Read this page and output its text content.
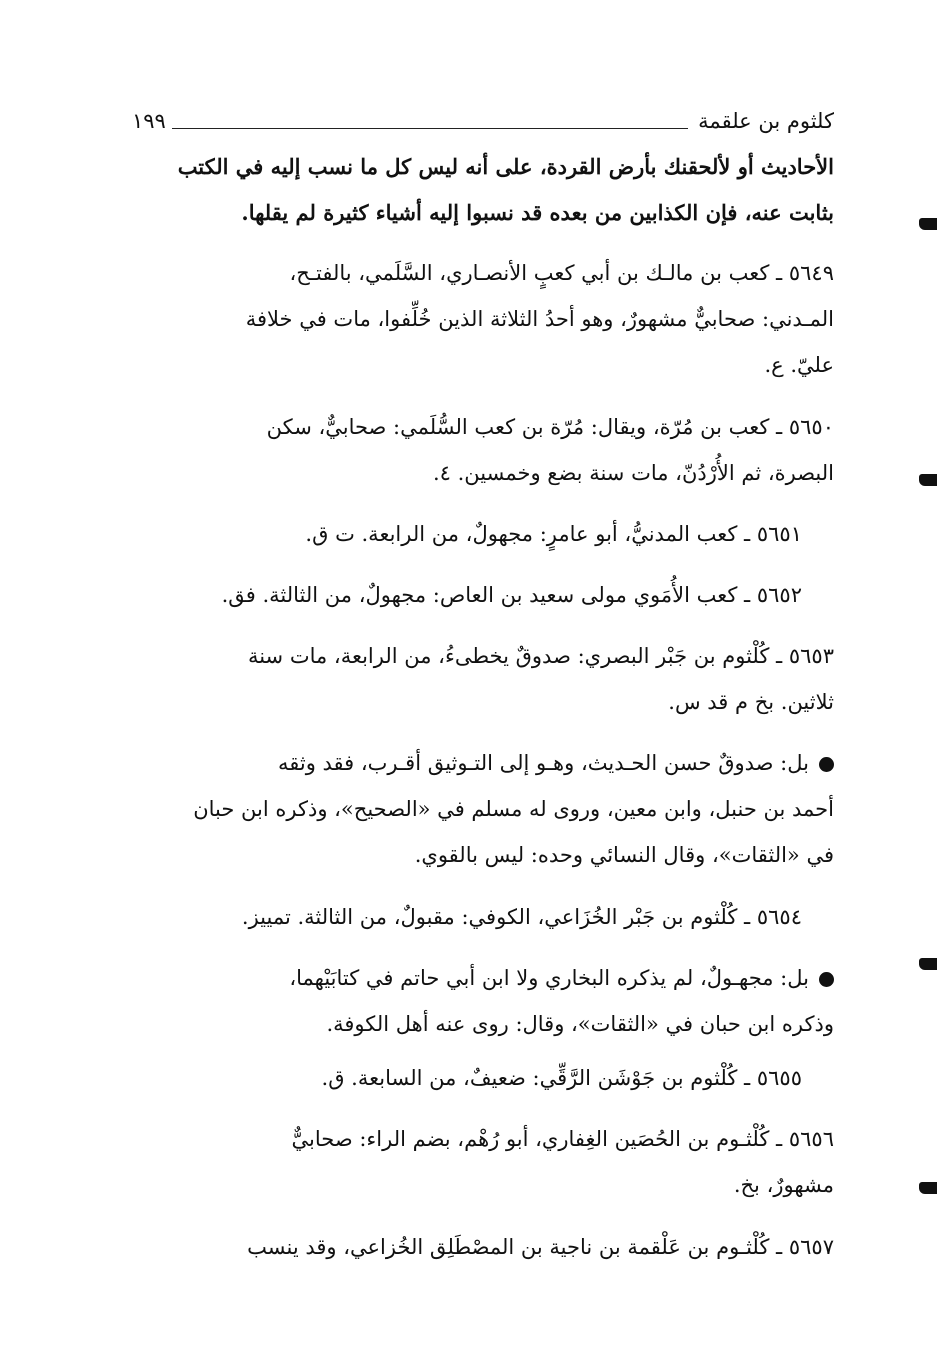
كلثوم بن علقمة
١٩٩
الأحاديث أو لألحقنك بأرض القردة، على أنه ليس كل ما نسب إليه في الكتب
بثابت عنه، فإن الكذابين من بعده قد نسبوا إليه أشياء كثيرة لم يقلها.
٥٦٤٩ ـ كعب بن مالـك بن أبي كعبٍ الأنصـاري، السَّلَمي، بالفتـح،
المـدني: صحابيٌّ مشهورٌ، وهو أحدُ الثلاثة الذين خُلِّفوا، مات في خلافة
عليّ. ع.
٥٦٥٠ ـ كعب بن مُرّة، ويقال: مُرّة بن كعب السُّلَمي: صحابيٌّ، سكن
البصرة، ثم الأُرْدُنّ، مات سنة بضع وخمسين. ٤.
٥٦٥١ ـ كعب المدنيُّ، أبو عامرٍ: مجهولٌ، من الرابعة. ت ق.
٥٦٥٢ ـ كعب الأُمَوي مولى سعيد بن العاص: مجهولٌ، من الثالثة. فق.
٥٦٥٣ ـ كُلْثوم بن جَبْر البصري: صدوقٌ يخطىءُ، من الرابعة، مات سنة
ثلاثين. بخ م قد س.
بل: صدوقٌ حسن الحـديث، وهـو إلى التـوثيق أقـرب، فقد وثقه
أحمد بن حنبل، وابن معين، وروى له مسلم في «الصحيح»، وذكره ابن حبان
في «الثقات»، وقال النسائي وحده: ليس بالقوي.
٥٦٥٤ ـ كُلْثوم بن جَبْر الخُزَاعي، الكوفي: مقبولٌ، من الثالثة. تمييز.
بل: مجهـولٌ، لم يذكره البخاري ولا ابن أبي حاتم في كتابَيْهما،
وذكره ابن حبان في «الثقات»، وقال: روى عنه أهل الكوفة.
٥٦٥٥ ـ كُلْثوم بن جَوْشَن الرَّقِّي: ضعيفٌ، من السابعة. ق.
٥٦٥٦ ـ كُلْثـوم بن الحُصَين الغِفاري، أبو رُهْم، بضم الراء: صحابيٌّ
مشهورٌ، بخ.
٥٦٥٧ ـ كُلْثـوم بن عَلْقمة بن ناجية بن المصْطَلِق الخُزاعي، وقد ينسب
